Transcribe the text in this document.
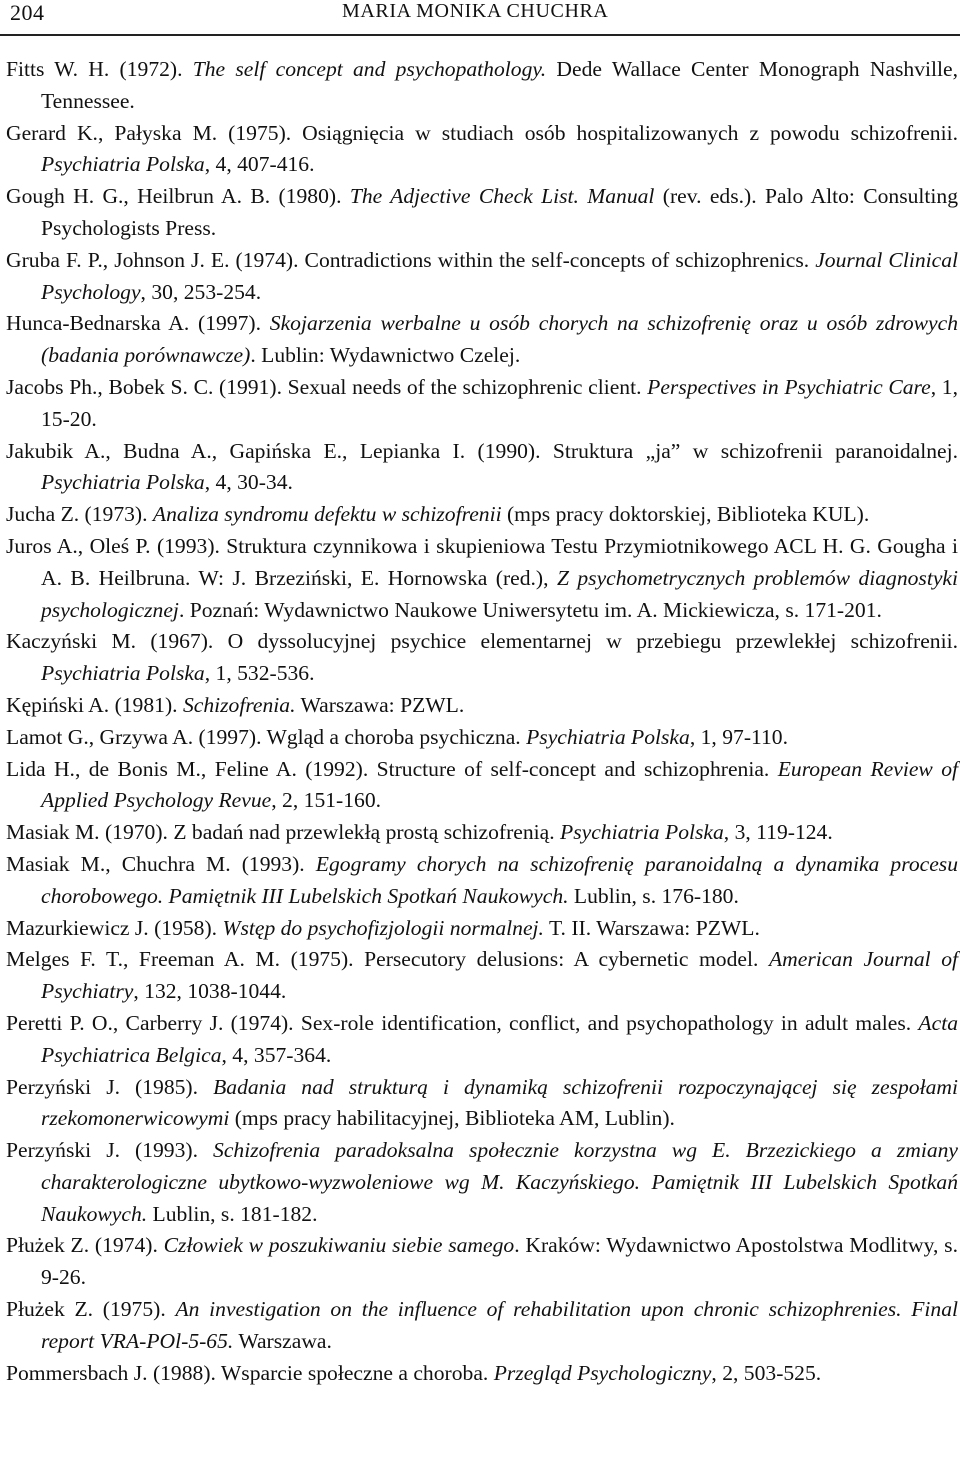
204	MARIA MONIKA CHUCHRA
Fitts W. H. (1972). The self concept and psychopathology. Dede Wallace Center Monograph Nashville, Tennessee.
Gerard K., Pałyska M. (1975). Osiągnięcia w studiach osób hospitalizowanych z powodu schizofrenii. Psychiatria Polska, 4, 407-416.
Gough H. G., Heilbrun A. B. (1980). The Adjective Check List. Manual (rev. eds.). Palo Alto: Consulting Psychologists Press.
Gruba F. P., Johnson J. E. (1974). Contradictions within the self-concepts of schizophrenics. Journal Clinical Psychology, 30, 253-254.
Hunca-Bednarska A. (1997). Skojarzenia werbalne u osób chorych na schizofrenię oraz u osób zdrowych (badania porównawcze). Lublin: Wydawnictwo Czelej.
Jacobs Ph., Bobek S. C. (1991). Sexual needs of the schizophrenic client. Perspectives in Psychiatric Care, 1, 15-20.
Jakubik A., Budna A., Gapińska E., Lepianka I. (1990). Struktura „ja” w schizofrenii paranoidalnej. Psychiatria Polska, 4, 30-34.
Jucha Z. (1973). Analiza syndromu defektu w schizofrenii (mps pracy doktorskiej, Biblioteka KUL).
Juros A., Oleś P. (1993). Struktura czynnikowa i skupieniowa Testu Przymiotnikowego ACL H. G. Gougha i A. B. Heilbruna. W: J. Brzeziński, E. Hornowska (red.), Z psychometrycznych problemów diagnostyki psychologicznej. Poznań: Wydawnictwo Naukowe Uniwersytetu im. A. Mickiewicza, s. 171-201.
Kaczyński M. (1967). O dyssolucyjnej psychice elementarnej w przebiegu przewlekłej schizofrenii. Psychiatria Polska, 1, 532-536.
Kępiński A. (1981). Schizofrenia. Warszawa: PZWL.
Lamot G., Grzywa A. (1997). Wgląd a choroba psychiczna. Psychiatria Polska, 1, 97-110.
Lida H., de Bonis M., Feline A. (1992). Structure of self-concept and schizophrenia. European Review of Applied Psychology Revue, 2, 151-160.
Masiak M. (1970). Z badań nad przewlekłą prostą schizofrenią. Psychiatria Polska, 3, 119-124.
Masiak M., Chuchra M. (1993). Egogramy chorych na schizofrenię paranoidalną a dynamika procesu chorobowego. Pamiętnik III Lubelskich Spotkań Naukowych. Lublin, s. 176-180.
Mazurkiewicz J. (1958). Wstęp do psychofizjologii normalnej. T. II. Warszawa: PZWL.
Melges F. T., Freeman A. M. (1975). Persecutory delusions: A cybernetic model. American Journal of Psychiatry, 132, 1038-1044.
Peretti P. O., Carberry J. (1974). Sex-role identification, conflict, and psychopathology in adult males. Acta Psychiatrica Belgica, 4, 357-364.
Perzyński J. (1985). Badania nad strukturą i dynamiką schizofrenii rozpoczynającej się zespołami rzekomonerwicowymi (mps pracy habilitacyjnej, Biblioteka AM, Lublin).
Perzyński J. (1993). Schizofrenia paradoksalna społecznie korzystna wg E. Brzezickiego a zmiany charakterologiczne ubytkowo-wyzwoleniowe wg M. Kaczyńskiego. Pamiętnik III Lubelskich Spotkań Naukowych. Lublin, s. 181-182.
Płużek Z. (1974). Człowiek w poszukiwaniu siebie samego. Kraków: Wydawnictwo Apostolstwa Modlitwy, s. 9-26.
Płużek Z. (1975). An investigation on the influence of rehabilitation upon chronic schizophrenies. Final report VRA-POl-5-65. Warszawa.
Pommersbach J. (1988). Wsparcie społeczne a choroba. Przegląd Psychologiczny, 2, 503-525.
